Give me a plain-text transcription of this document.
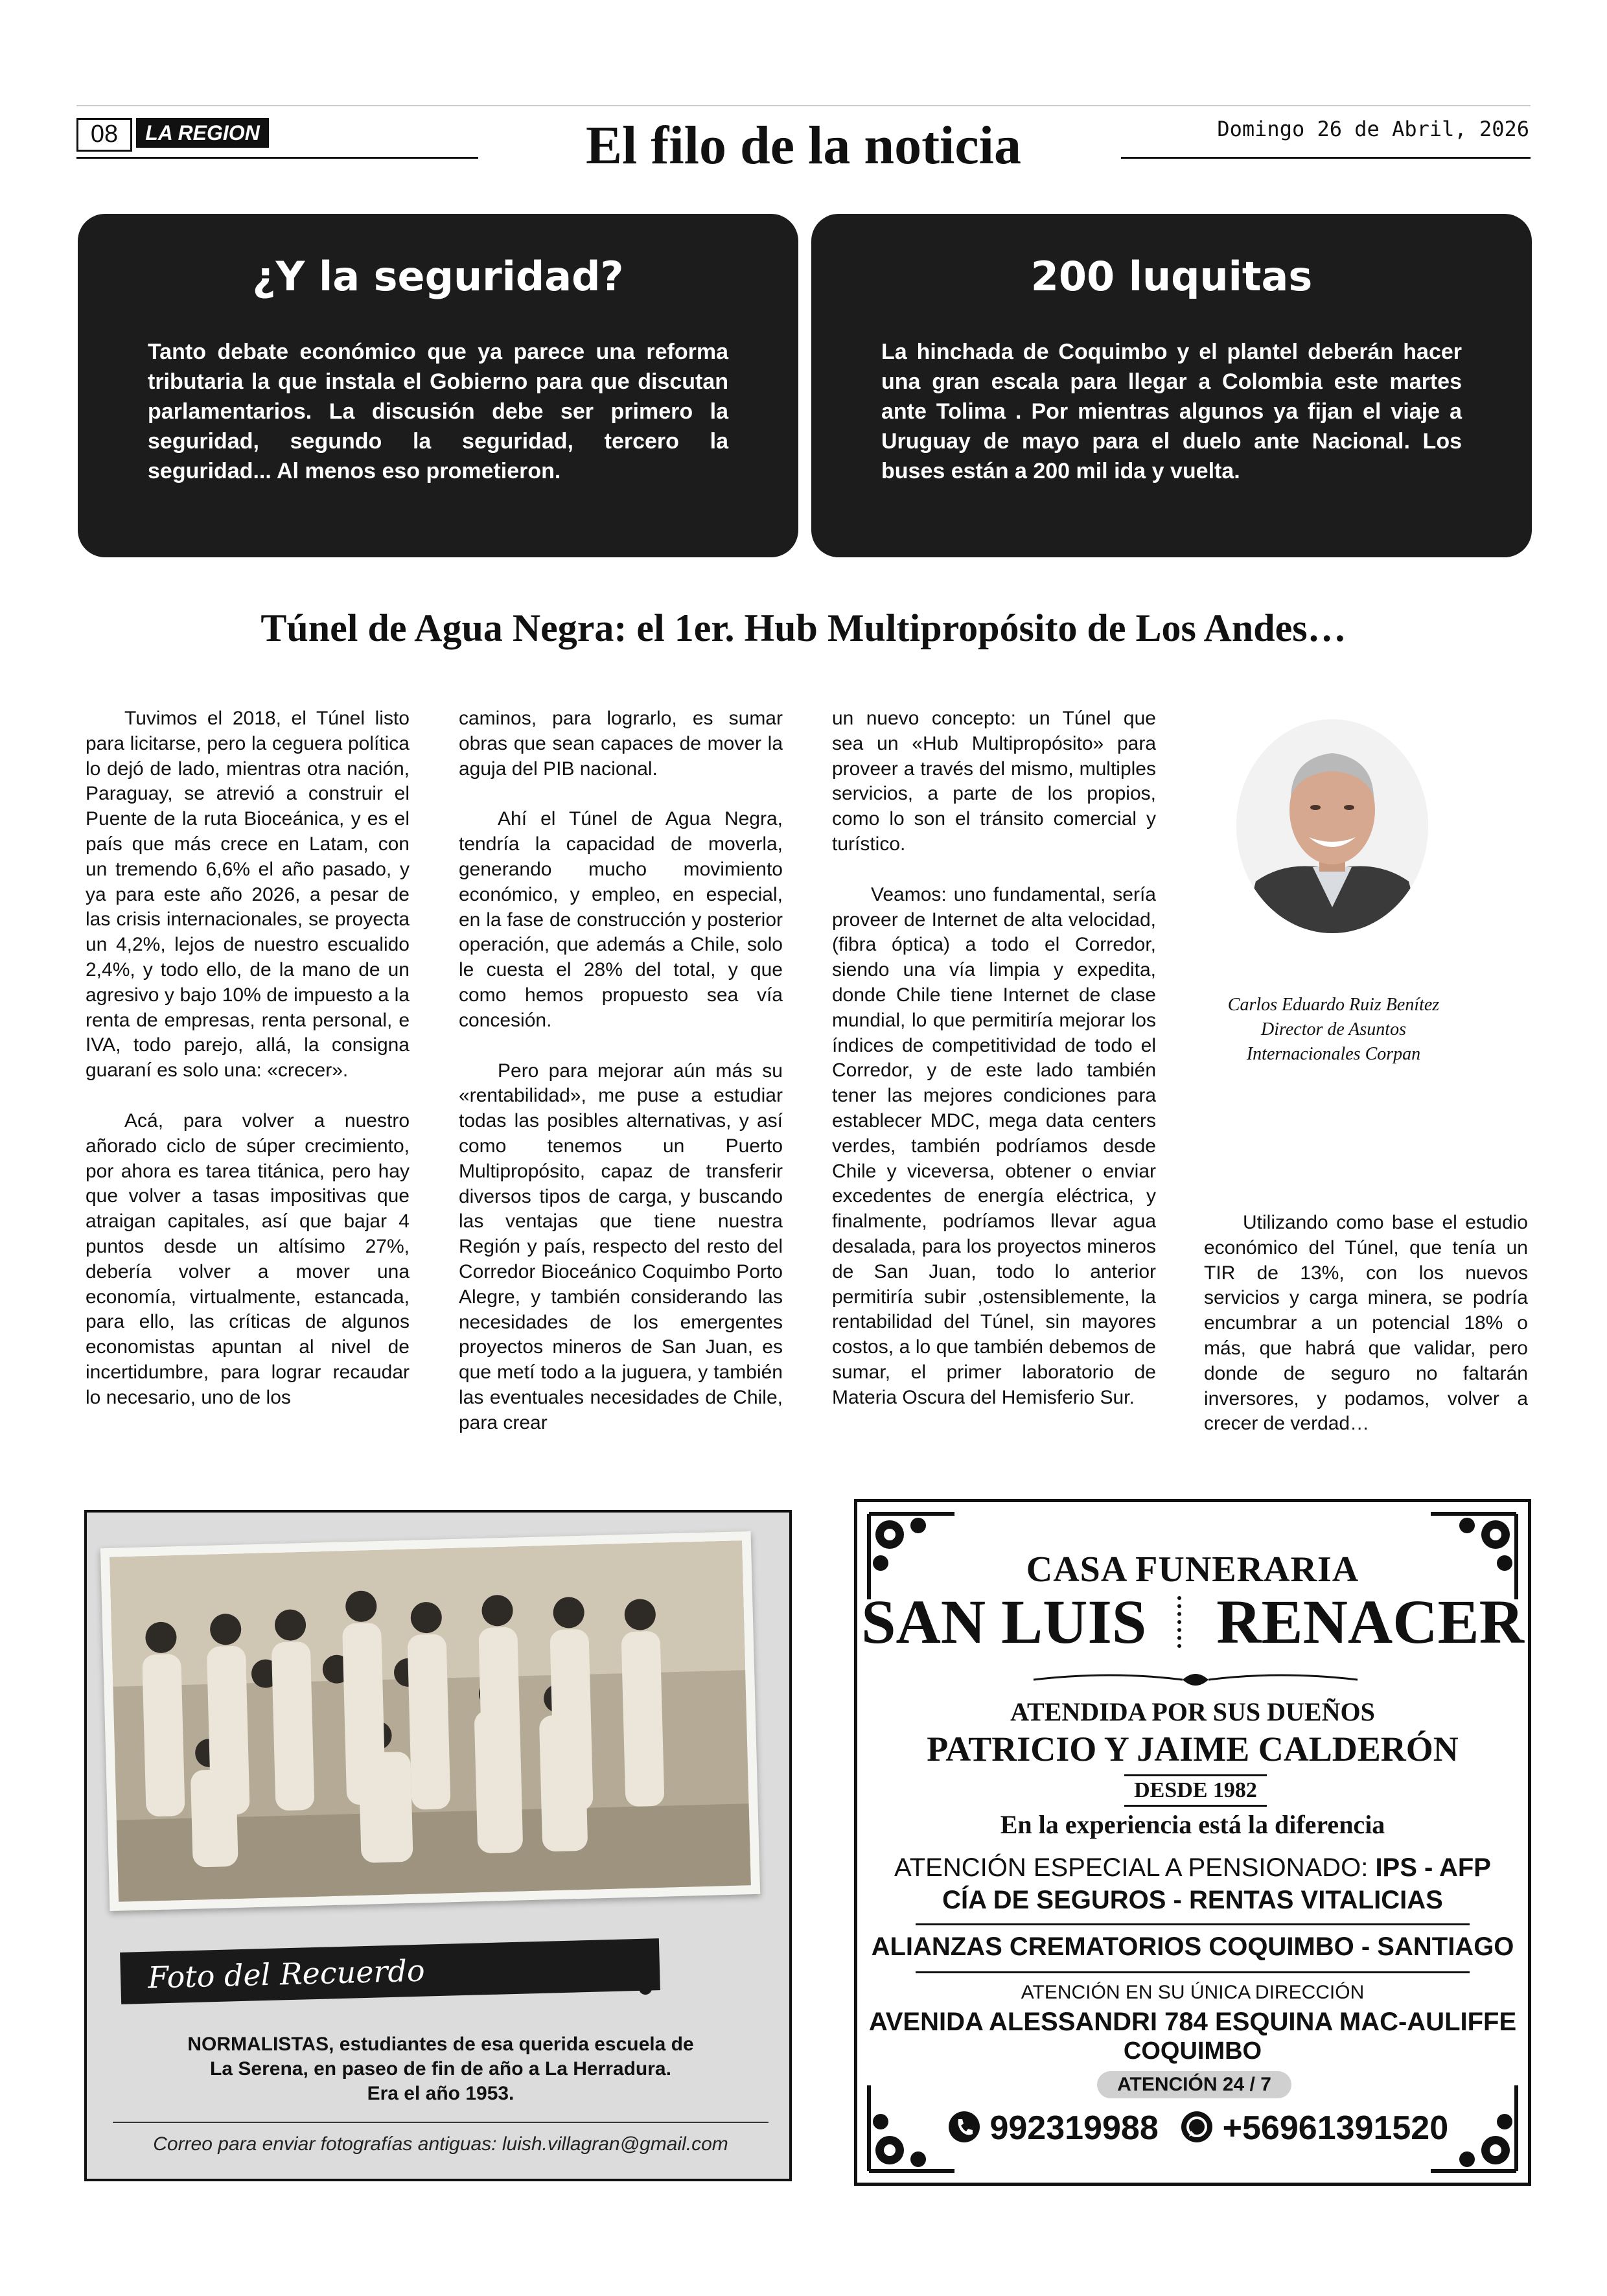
08	LA REGION	El filo de la noticia	Domingo 26 de Abril, 2026
¿Y la seguridad?

Tanto debate económico que ya parece una reforma tributaria la que instala el Gobierno para que discutan parlamentarios. La discusión debe ser primero la seguridad, segundo la seguridad, tercero la seguridad... Al menos eso prometieron.

200 luquitas

La hinchada de Coquimbo y el plantel deberán hacer una gran escala para llegar a Colombia este martes ante Tolima . Por mientras algunos ya fijan el viaje a Uruguay de mayo para el duelo ante Nacional. Los buses están a 200 mil ida y vuelta.

Túnel de Agua Negra: el 1er. Hub Multipropósito de Los Andes…

Tuvimos el 2018, el Túnel listo para licitarse, pero la ceguera política lo dejó de lado, mientras otra nación, Paraguay, se atrevió a construir el Puente de la ruta Bioceánica, y es el país que más crece en Latam, con un tremendo 6,6% el año pasado, y ya para este año 2026, a pesar de las crisis internacionales, se proyecta un 4,2%, lejos de nuestro escualido 2,4%, y todo ello, de la mano de un agresivo y bajo 10% de impuesto a la renta de empresas, renta personal, e IVA, todo parejo, allá, la consigna guaraní es solo una: «crecer».

Acá, para volver a nuestro añorado ciclo de súper crecimiento, por ahora es tarea titánica, pero hay que volver a tasas impositivas que atraigan capitales, así que bajar 4 puntos desde un altísimo 27%, debería volver a mover una economía, virtualmente, estancada, para ello, las críticas de algunos economistas apuntan al nivel de incertidumbre, para lograr recaudar lo necesario, uno de los

caminos, para lograrlo, es sumar obras que sean capaces de mover la aguja del PIB nacional.

Ahí el Túnel de Agua Negra, tendría la capacidad de moverla, generando mucho movimiento económico, y empleo, en especial, en la fase de construcción y posterior operación, que además a Chile, solo le cuesta el 28% del total, y que como hemos propuesto sea vía concesión.

Pero para mejorar aún más su «rentabilidad», me puse a estudiar todas las posibles alternativas, y así como tenemos un Puerto Multipropósito, capaz de transferir diversos tipos de carga, y buscando las ventajas que tiene nuestra Región y país, respecto del resto del Corredor Bioceánico Coquimbo Porto Alegre, y también considerando las necesidades de los emergentes proyectos mineros de San Juan, es que metí todo a la juguera, y también las eventuales necesidades de Chile, para crear

un nuevo concepto: un Túnel que sea un «Hub Multipropósito» para proveer a través del mismo, multiples servicios, a parte de los propios, como lo son el tránsito comercial y turístico.

Veamos: uno fundamental, sería proveer de Internet de alta velocidad,(fibra óptica) a todo el Corredor, siendo una vía limpia y expedita, donde Chile tiene Internet de clase mundial, lo que permitiría mejorar los índices de competitividad de todo el Corredor, y de este lado también tener las mejores condiciones para establecer MDC, mega data centers verdes, también podríamos desde Chile y viceversa, obtener o enviar excedentes de energía eléctrica, y finalmente, podríamos llevar agua desalada, para los proyectos mineros de San Juan, todo lo anterior permitiría subir ,ostensiblemente, la rentabilidad del Túnel, sin mayores costos, a lo que también debemos de sumar, el primer laboratorio de Materia Oscura del Hemisferio Sur.

Carlos Eduardo Ruiz Benítez
Director de Asuntos
Internacionales Corpan

Utilizando como base el estudio económico del Túnel, que tenía un TIR de 13%, con los nuevos servicios y carga minera, se podría encumbrar a un potencial 18% o más, que habrá que validar, pero donde de seguro no faltarán inversores, y podamos, volver a crecer de verdad…

Foto del Recuerdo
NORMALISTAS, estudiantes de esa querida escuela de
La Serena, en paseo de fin de año a La Herradura.
Era el año 1953.
Correo para enviar fotografías antiguas: luish.villagran@gmail.com
CASA FUNERARIA
SAN LUIS RENACER
ATENDIDA POR SUS DUEÑOS
PATRICIO Y JAIME CALDERÓN
DESDE 1982
En la experiencia está la diferencia
ATENCIÓN ESPECIAL A PENSIONADO: IPS - AFP
CÍA DE SEGUROS - RENTAS VITALICIAS
ALIANZAS CREMATORIOS COQUIMBO - SANTIAGO
ATENCIÓN EN SU ÚNICA DIRECCIÓN
AVENIDA ALESSANDRI 784 ESQUINA MAC-AULIFFE
COQUIMBO
ATENCIÓN 24 / 7
992319988 +56961391520
